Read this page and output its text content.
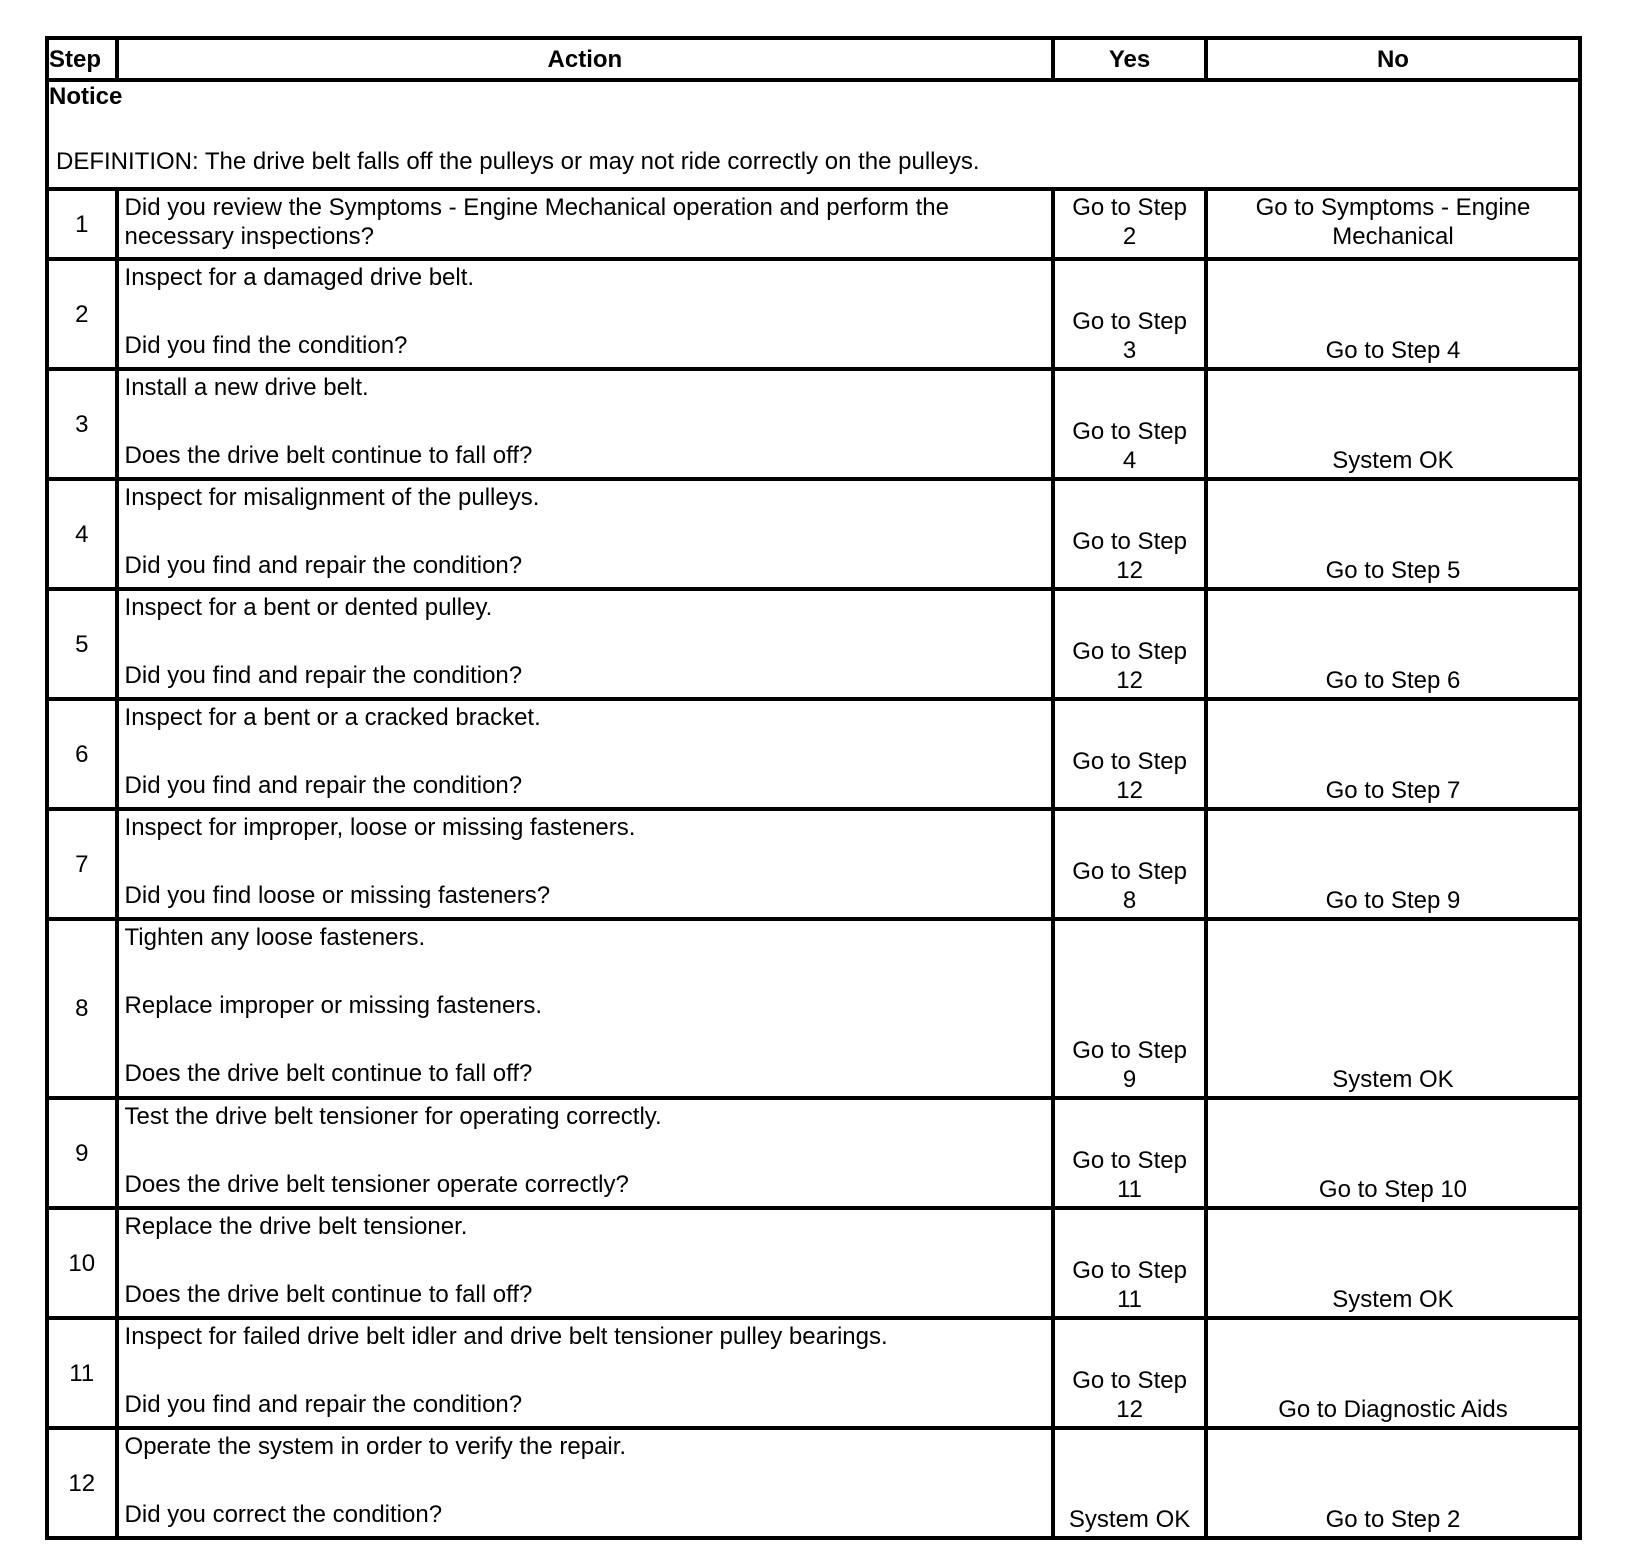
Step	Action	Yes	No

Notice
DEFINITION: The drive belt falls off the pulleys or may not ride correctly on the pulleys.			

1	Did you review the Symptoms - Engine Mechanical operation and perform the
necessary inspections?	Go to Step
2	Go to Symptoms - Engine
Mechanical

2	Inspect for a damaged drive belt.
Did you find the condition?	Go to Step
3	Go to Step 4

3	Install a new drive belt.
Does the drive belt continue to fall off?	Go to Step
4	System OK

4	Inspect for misalignment of the pulleys.
Did you find and repair the condition?	Go to Step
12	Go to Step 5

5	Inspect for a bent or dented pulley.
Did you find and repair the condition?	Go to Step
12	Go to Step 6

6	Inspect for a bent or a cracked bracket.
Did you find and repair the condition?	Go to Step
12	Go to Step 7

7	Inspect for improper, loose or missing fasteners.
Did you find loose or missing fasteners?	Go to Step
8	Go to Step 9

8	Tighten any loose fasteners.
Replace improper or missing fasteners.
Does the drive belt continue to fall off?	Go to Step
9	System OK

9	Test the drive belt tensioner for operating correctly.
Does the drive belt tensioner operate correctly?	Go to Step
11	Go to Step 10

10	Replace the drive belt tensioner.
Does the drive belt continue to fall off?	Go to Step
11	System OK

11	Inspect for failed drive belt idler and drive belt tensioner pulley bearings.
Did you find and repair the condition?	Go to Step
12	Go to Diagnostic Aids

12	Operate the system in order to verify the repair.
Did you correct the condition?	System OK	Go to Step 2
